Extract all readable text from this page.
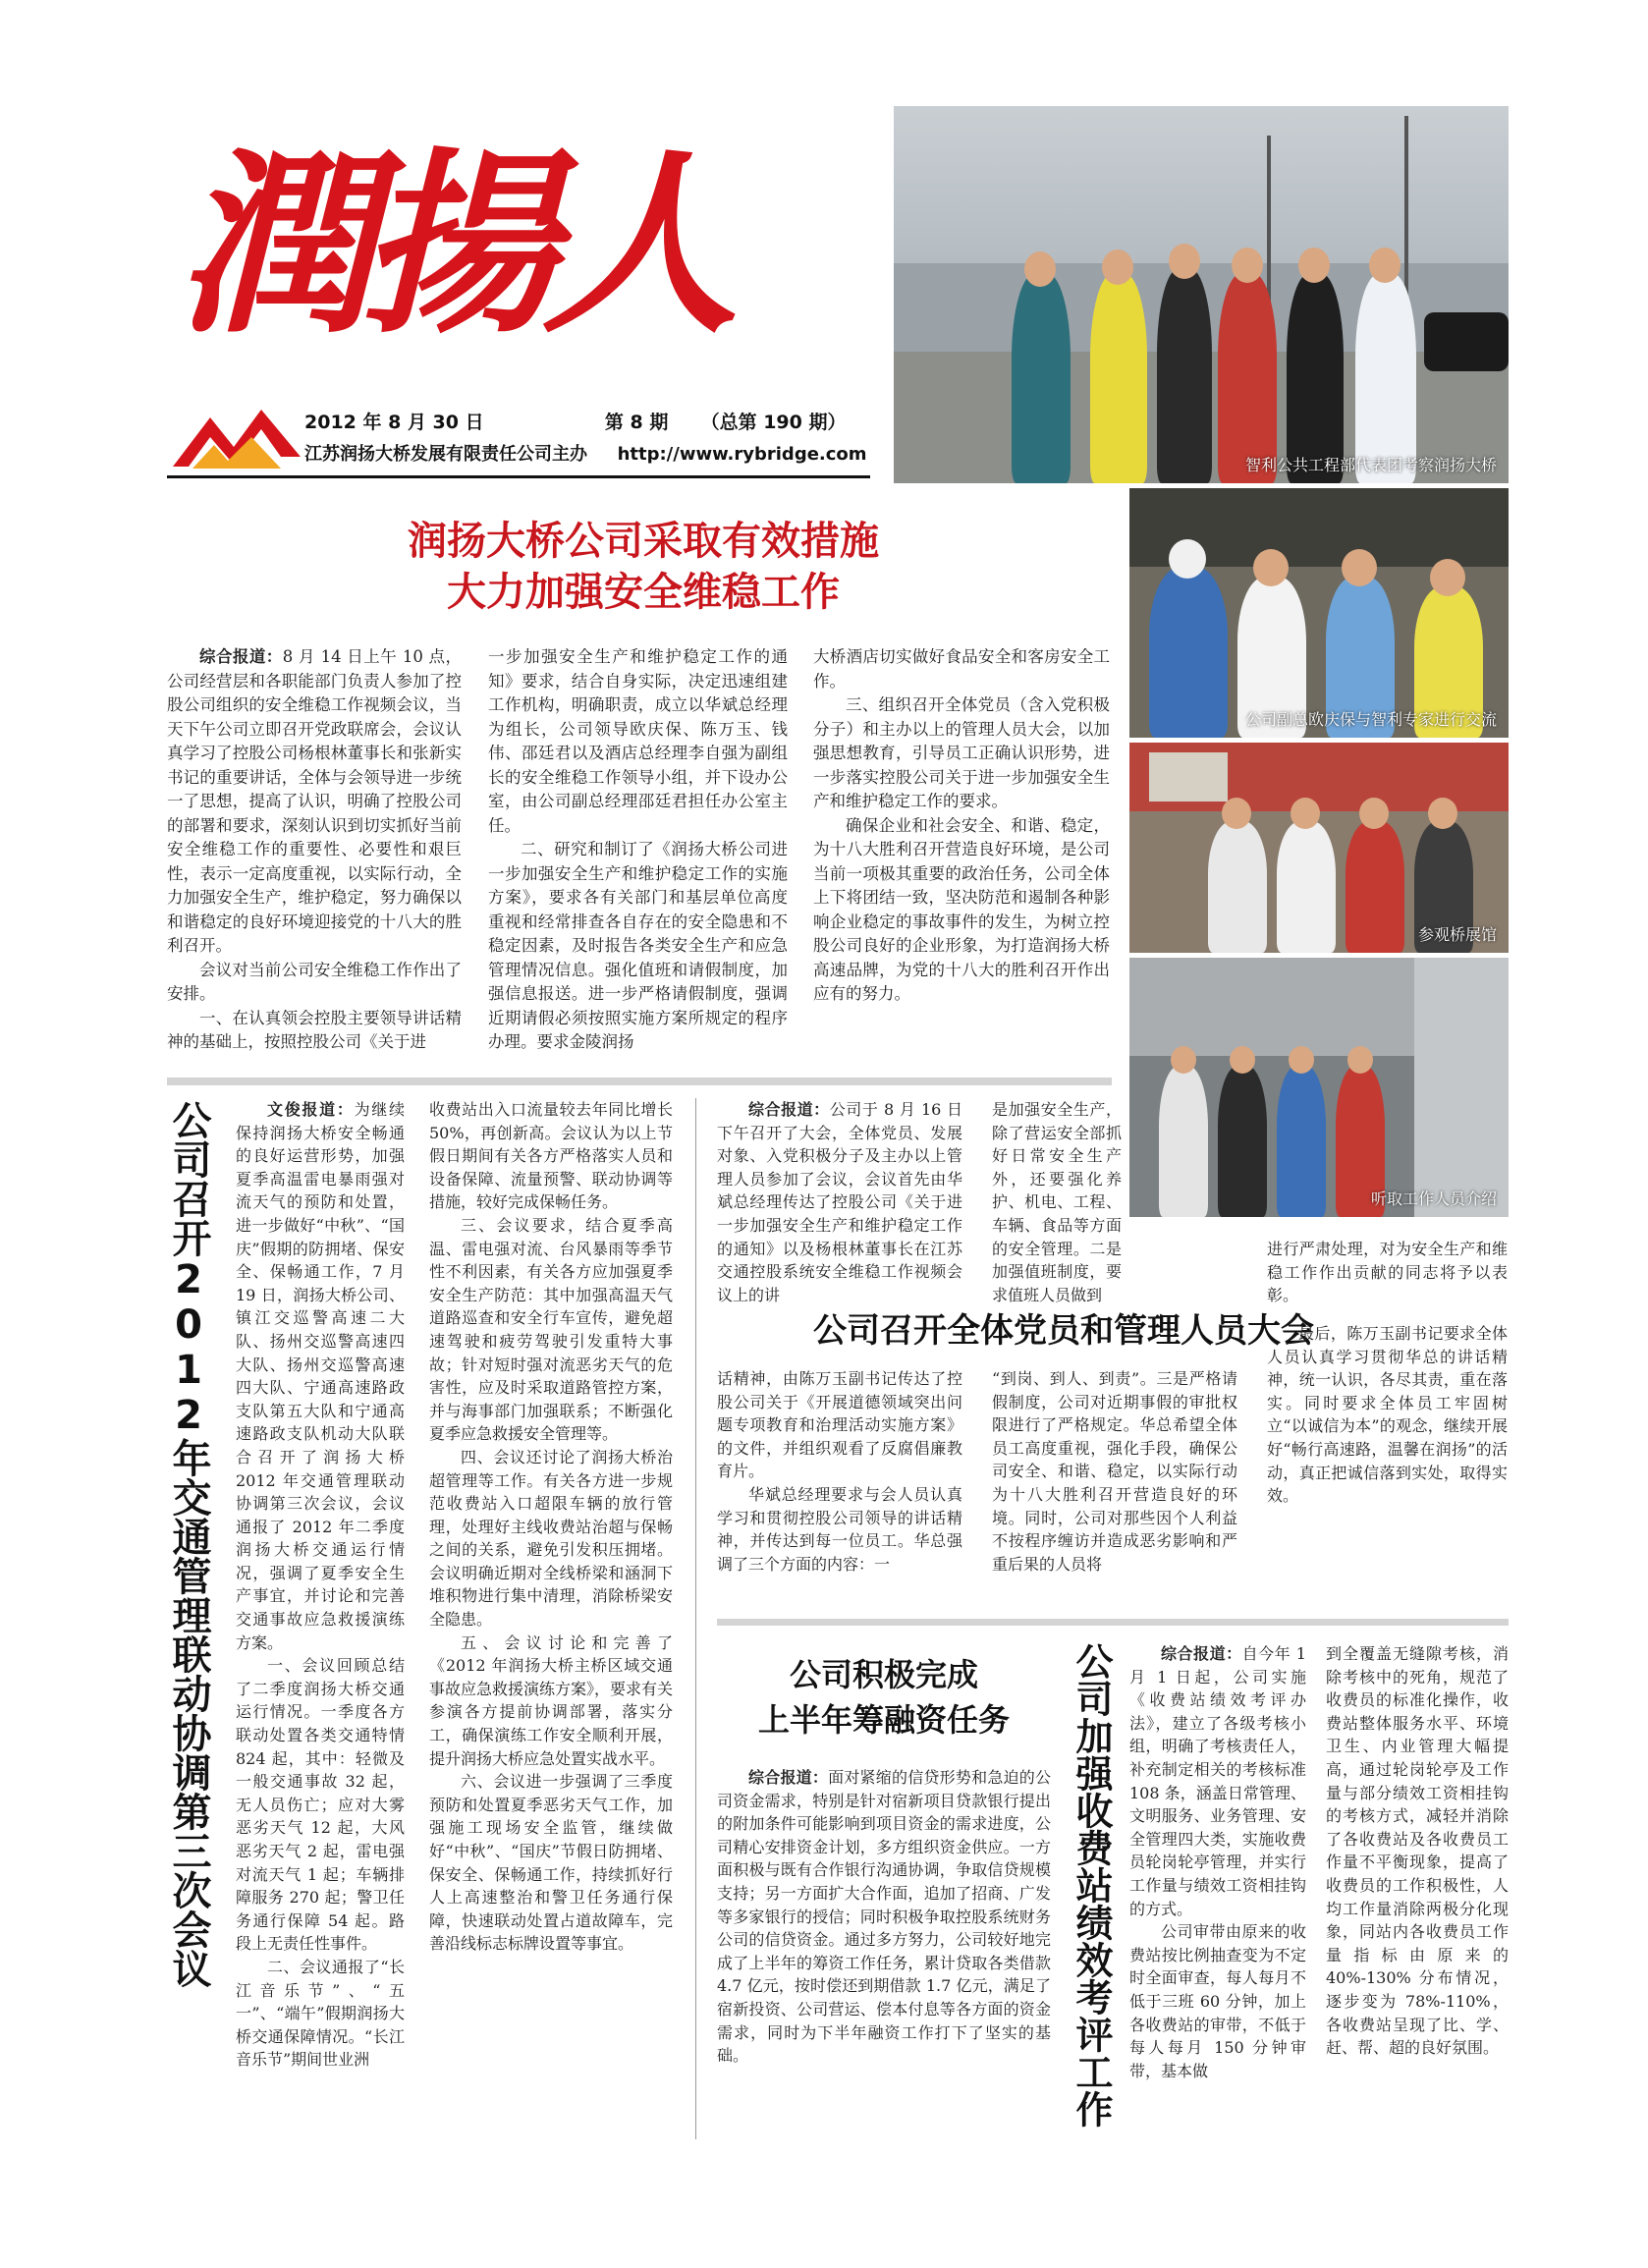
潤揚人
2012 年 8 月 30 日	第 8 期 （总第 190 期）
江苏润扬大桥发展有限责任公司主办 http://www.rybridge.com
智利公共工程部代表团考察润扬大桥
公司副总欧庆保与智利专家进行交流
参观桥展馆
听取工作人员介绍
润扬大桥公司采取有效措施
大力加强安全维稳工作

综合报道：8 月 14 日上午 10 点，公司经营层和各职能部门负责人参加了控股公司组织的安全维稳工作视频会议，当天下午公司立即召开党政联席会，会议认真学习了控股公司杨根林董事长和张新实书记的重要讲话，全体与会领导进一步统一了思想，提高了认识，明确了控股公司的部署和要求，深刻认识到切实抓好当前安全维稳工作的重要性、必要性和艰巨性，表示一定高度重视，以实际行动，全力加强安全生产，维护稳定，努力确保以和谐稳定的良好环境迎接党的十八大的胜利召开。

会议对当前公司安全维稳工作作出了安排。

一、在认真领会控股主要领导讲话精神的基础上，按照控股公司《关于进

一步加强安全生产和维护稳定工作的通知》要求，结合自身实际，决定迅速组建工作机构，明确职责，成立以华斌总经理为组长，公司领导欧庆保、陈万玉、钱伟、邵廷君以及酒店总经理李自强为副组长的安全维稳工作领导小组，并下设办公室，由公司副总经理邵廷君担任办公室主任。

二、研究和制订了《润扬大桥公司进一步加强安全生产和维护稳定工作的实施方案》，要求各有关部门和基层单位高度重视和经常排查各自存在的安全隐患和不稳定因素，及时报告各类安全生产和应急管理情况信息。强化值班和请假制度，加强信息报送。进一步严格请假制度，强调近期请假必须按照实施方案所规定的程序办理。要求金陵润扬

大桥酒店切实做好食品安全和客房安全工作。

三、组织召开全体党员（含入党积极分子）和主办以上的管理人员大会，以加强思想教育，引导员工正确认识形势，进一步落实控股公司关于进一步加强安全生产和维护稳定工作的要求。

确保企业和社会安全、和谐、稳定，为十八大胜利召开营造良好环境，是公司当前一项极其重要的政治任务，公司全体上下将团结一致，坚决防范和遏制各种影响企业稳定的事故事件的发生，为树立控股公司良好的企业形象，为打造润扬大桥高速品牌，为党的十八大的胜利召开作出应有的努力。

公司召开2012年交通管理联动协调第三次会议	文俊报道：为继续保持润扬大桥安全畅通的良好运营形势，加强夏季高温雷电暴雨强对流天气的预防和处置，进一步做好“中秋”、“国庆”假期的防拥堵、保安全、保畅通工作，7 月 19 日，润扬大桥公司、镇江交巡警高速二大队、扬州交巡警高速四大队、扬州交巡警高速四大队、宁通高速路政支队第五大队和宁通高速路政支队机动大队联合召开了润扬大桥 2012 年交通管理联动协调第三次会议，会议通报了 2012 年二季度润扬大桥交通运行情况，强调了夏季安全生产事宜，并讨论和完善交通事故应急救援演练方案。

一、会议回顾总结了二季度润扬大桥交通运行情况。一季度各方联动处置各类交通特情 824 起，其中：轻微及一般交通事故 32 起，无人员伤亡；应对大雾恶劣天气 12 起，大风恶劣天气 2 起，雷电强对流天气 1 起；车辆排障服务 270 起；警卫任务通行保障 54 起。路段上无责任性事件。

二、会议通报了“长江音乐节”、“五一”、“端午”假期润扬大桥交通保障情况。“长江音乐节”期间世业洲

收费站出入口流量较去年同比增长 50%，再创新高。会议认为以上节假日期间有关各方严格落实人员和设备保障、流量预警、联动协调等措施，较好完成保畅任务。

三、会议要求，结合夏季高温、雷电强对流、台风暴雨等季节性不利因素，有关各方应加强夏季安全生产防范：其中加强高温天气道路巡查和安全行车宣传，避免超速驾驶和疲劳驾驶引发重特大事故；针对短时强对流恶劣天气的危害性，应及时采取道路管控方案，并与海事部门加强联系；不断强化夏季应急救援安全管理等。

四、会议还讨论了润扬大桥治超管理等工作。有关各方进一步规范收费站入口超限车辆的放行管理，处理好主线收费站治超与保畅之间的关系，避免引发积压拥堵。会议明确近期对全线桥梁和涵洞下堆积物进行集中清理，消除桥梁安全隐患。

五、会议讨论和完善了《2012 年润扬大桥主桥区域交通事故应急救援演练方案》，要求有关参演各方提前协调部署，落实分工，确保演练工作安全顺利开展，提升润扬大桥应急处置实战水平。

六、会议进一步强调了三季度预防和处置夏季恶劣天气工作，加强施工现场安全监管，继续做好“中秋”、“国庆”节假日防拥堵、保安全、保畅通工作，持续抓好行人上高速整治和警卫任务通行保障，快速联动处置占道故障车，完善沿线标志标牌设置等事宜。

综合报道：公司于 8 月 16 日下午召开了大会，全体党员、发展对象、入党积极分子及主办以上管理人员参加了会议，会议首先由华斌总经理传达了控股公司《关于进一步加强安全生产和维护稳定工作的通知》以及杨根林董事长在江苏交通控股系统安全维稳工作视频会议上的讲

是加强安全生产，除了营运安全部抓好日常安全生产外，还要强化养护、机电、工程、车辆、食品等方面的安全管理。二是加强值班制度，要求值班人员做到

公司召开全体党员和管理人员大会

进行严肃处理，对为安全生产和维稳工作作出贡献的同志将予以表彰。

话精神，由陈万玉副书记传达了控股公司关于《开展道德领域突出问题专项教育和治理活动实施方案》的文件，并组织观看了反腐倡廉教育片。

华斌总经理要求与会人员认真学习和贯彻控股公司领导的讲话精神，并传达到每一位员工。华总强调了三个方面的内容：一

“到岗、到人、到责”。三是严格请假制度，公司对近期事假的审批权限进行了严格规定。华总希望全体员工高度重视，强化手段，确保公司安全、和谐、稳定，以实际行动为十八大胜利召开营造良好的环境。同时，公司对那些因个人利益不按程序缠访并造成恶劣影响和严重后果的人员将

最后，陈万玉副书记要求全体人员认真学习贯彻华总的讲话精神，统一认识，各尽其责，重在落实。同时要求全体员工牢固树立“以诚信为本”的观念，继续开展好“畅行高速路，温馨在润扬”的活动，真正把诚信落到实处，取得实效。

公司积极完成
上半年筹融资任务

综合报道：面对紧缩的信贷形势和急迫的公司资金需求，特别是针对宿新项目贷款银行提出的附加条件可能影响到项目资金的需求进度，公司精心安排资金计划，多方组织资金供应。一方面积极与既有合作银行沟通协调，争取信贷规模支持；另一方面扩大合作面，追加了招商、广发等多家银行的授信；同时积极争取控股系统财务公司的信贷资金。通过多方努力，公司较好地完成了上半年的筹资工作任务，累计贷取各类借款 4.7 亿元，按时偿还到期借款 1.7 亿元，满足了宿新投资、公司营运、偿本付息等各方面的资金需求，同时为下半年融资工作打下了坚实的基础。	公司加强收费站绩效考评工作	综合报道：自今年 1 月 1 日起，公司实施《收费站绩效考评办法》，建立了各级考核小组，明确了考核责任人，补充制定相关的考核标准 108 条，涵盖日常管理、文明服务、业务管理、安全管理四大类，实施收费员轮岗轮亭管理，并实行工作量与绩效工资相挂钩的方式。

公司审带由原来的收费站按比例抽查变为不定时全面审查，每人每月不低于三班 60 分钟，加上各收费站的审带，不低于每人每月 150 分钟审带，基本做

到全覆盖无缝隙考核，消除考核中的死角，规范了收费员的标准化操作，收费站整体服务水平、环境卫生、内业管理大幅提高，通过轮岗轮亭及工作量与部分绩效工资相挂钩的考核方式，减轻并消除了各收费站及各收费员工作量不平衡现象，提高了收费员的工作积极性，人均工作量消除两极分化现象，同站内各收费员工作量指标由原来的 40%-130% 分布情况，逐步变为 78%-110%，各收费站呈现了比、学、赶、帮、超的良好氛围。
